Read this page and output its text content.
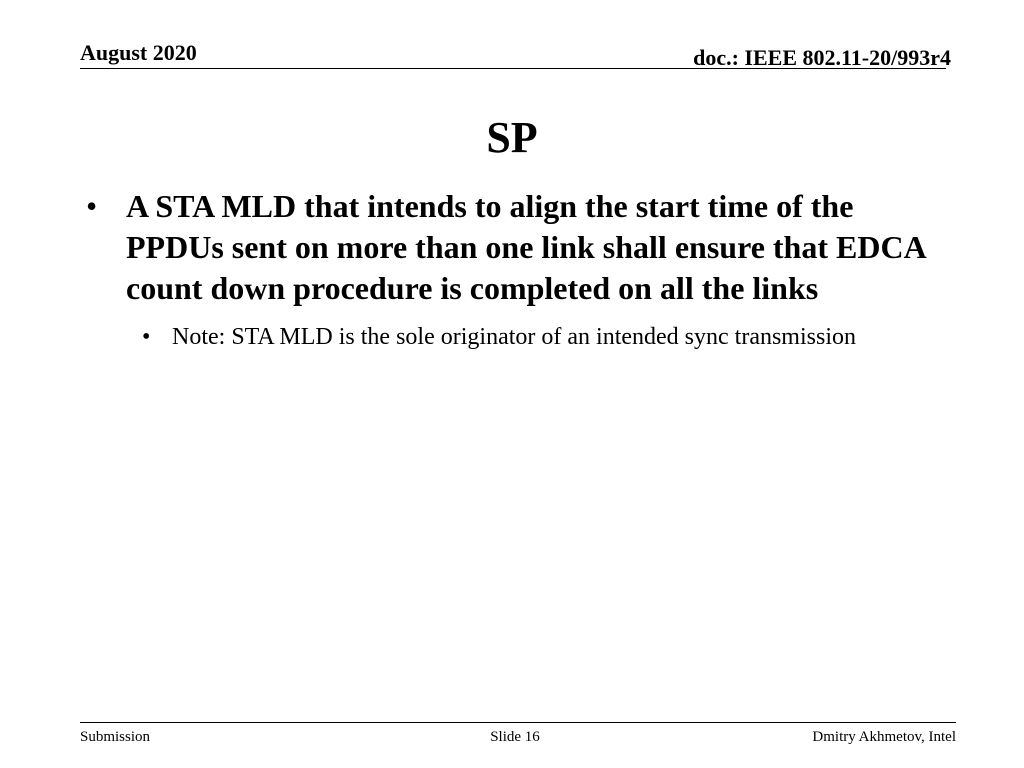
August 2020	doc.: IEEE 802.11-20/993r4
SP
• A STA MLD that intends to align the start time of the PPDUs sent on more than one link shall ensure that EDCA count down procedure is completed on all the links
• Note: STA MLD is the sole originator of an intended sync transmission
Submission	Slide 16	Dmitry Akhmetov, Intel
